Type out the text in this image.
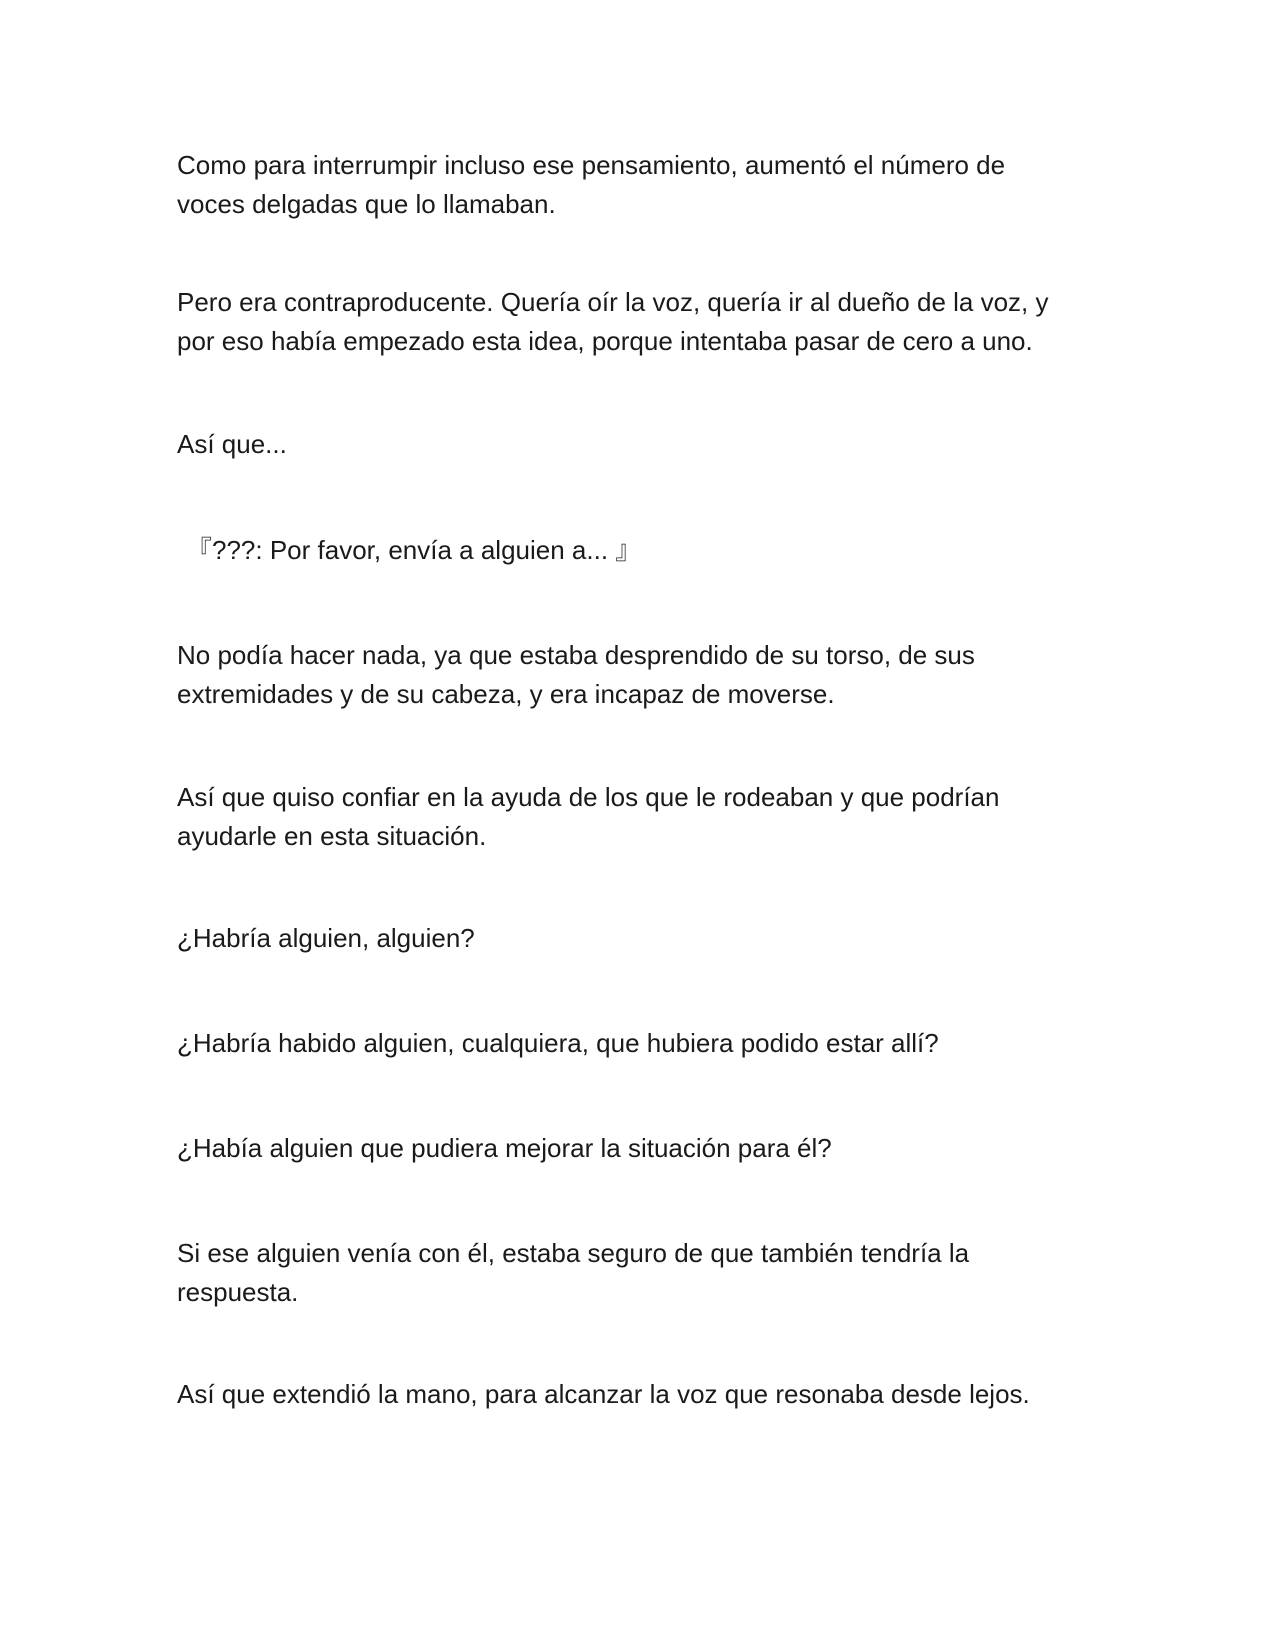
Como para interrumpir incluso ese pensamiento, aumentó el número de
voces delgadas que lo llamaban.

Pero era contraproducente. Quería oír la voz, quería ir al dueño de la voz, y
por eso había empezado esta idea, porque intentaba pasar de cero a uno.

Así que...

『???: Por favor, envía a alguien a... 』

No podía hacer nada, ya que estaba desprendido de su torso, de sus
extremidades y de su cabeza, y era incapaz de moverse.

Así que quiso confiar en la ayuda de los que le rodeaban y que podrían
ayudarle en esta situación.

¿Habría alguien, alguien?

¿Habría habido alguien, cualquiera, que hubiera podido estar allí?

¿Había alguien que pudiera mejorar la situación para él?

Si ese alguien venía con él, estaba seguro de que también tendría la
respuesta.

Así que extendió la mano, para alcanzar la voz que resonaba desde lejos.
